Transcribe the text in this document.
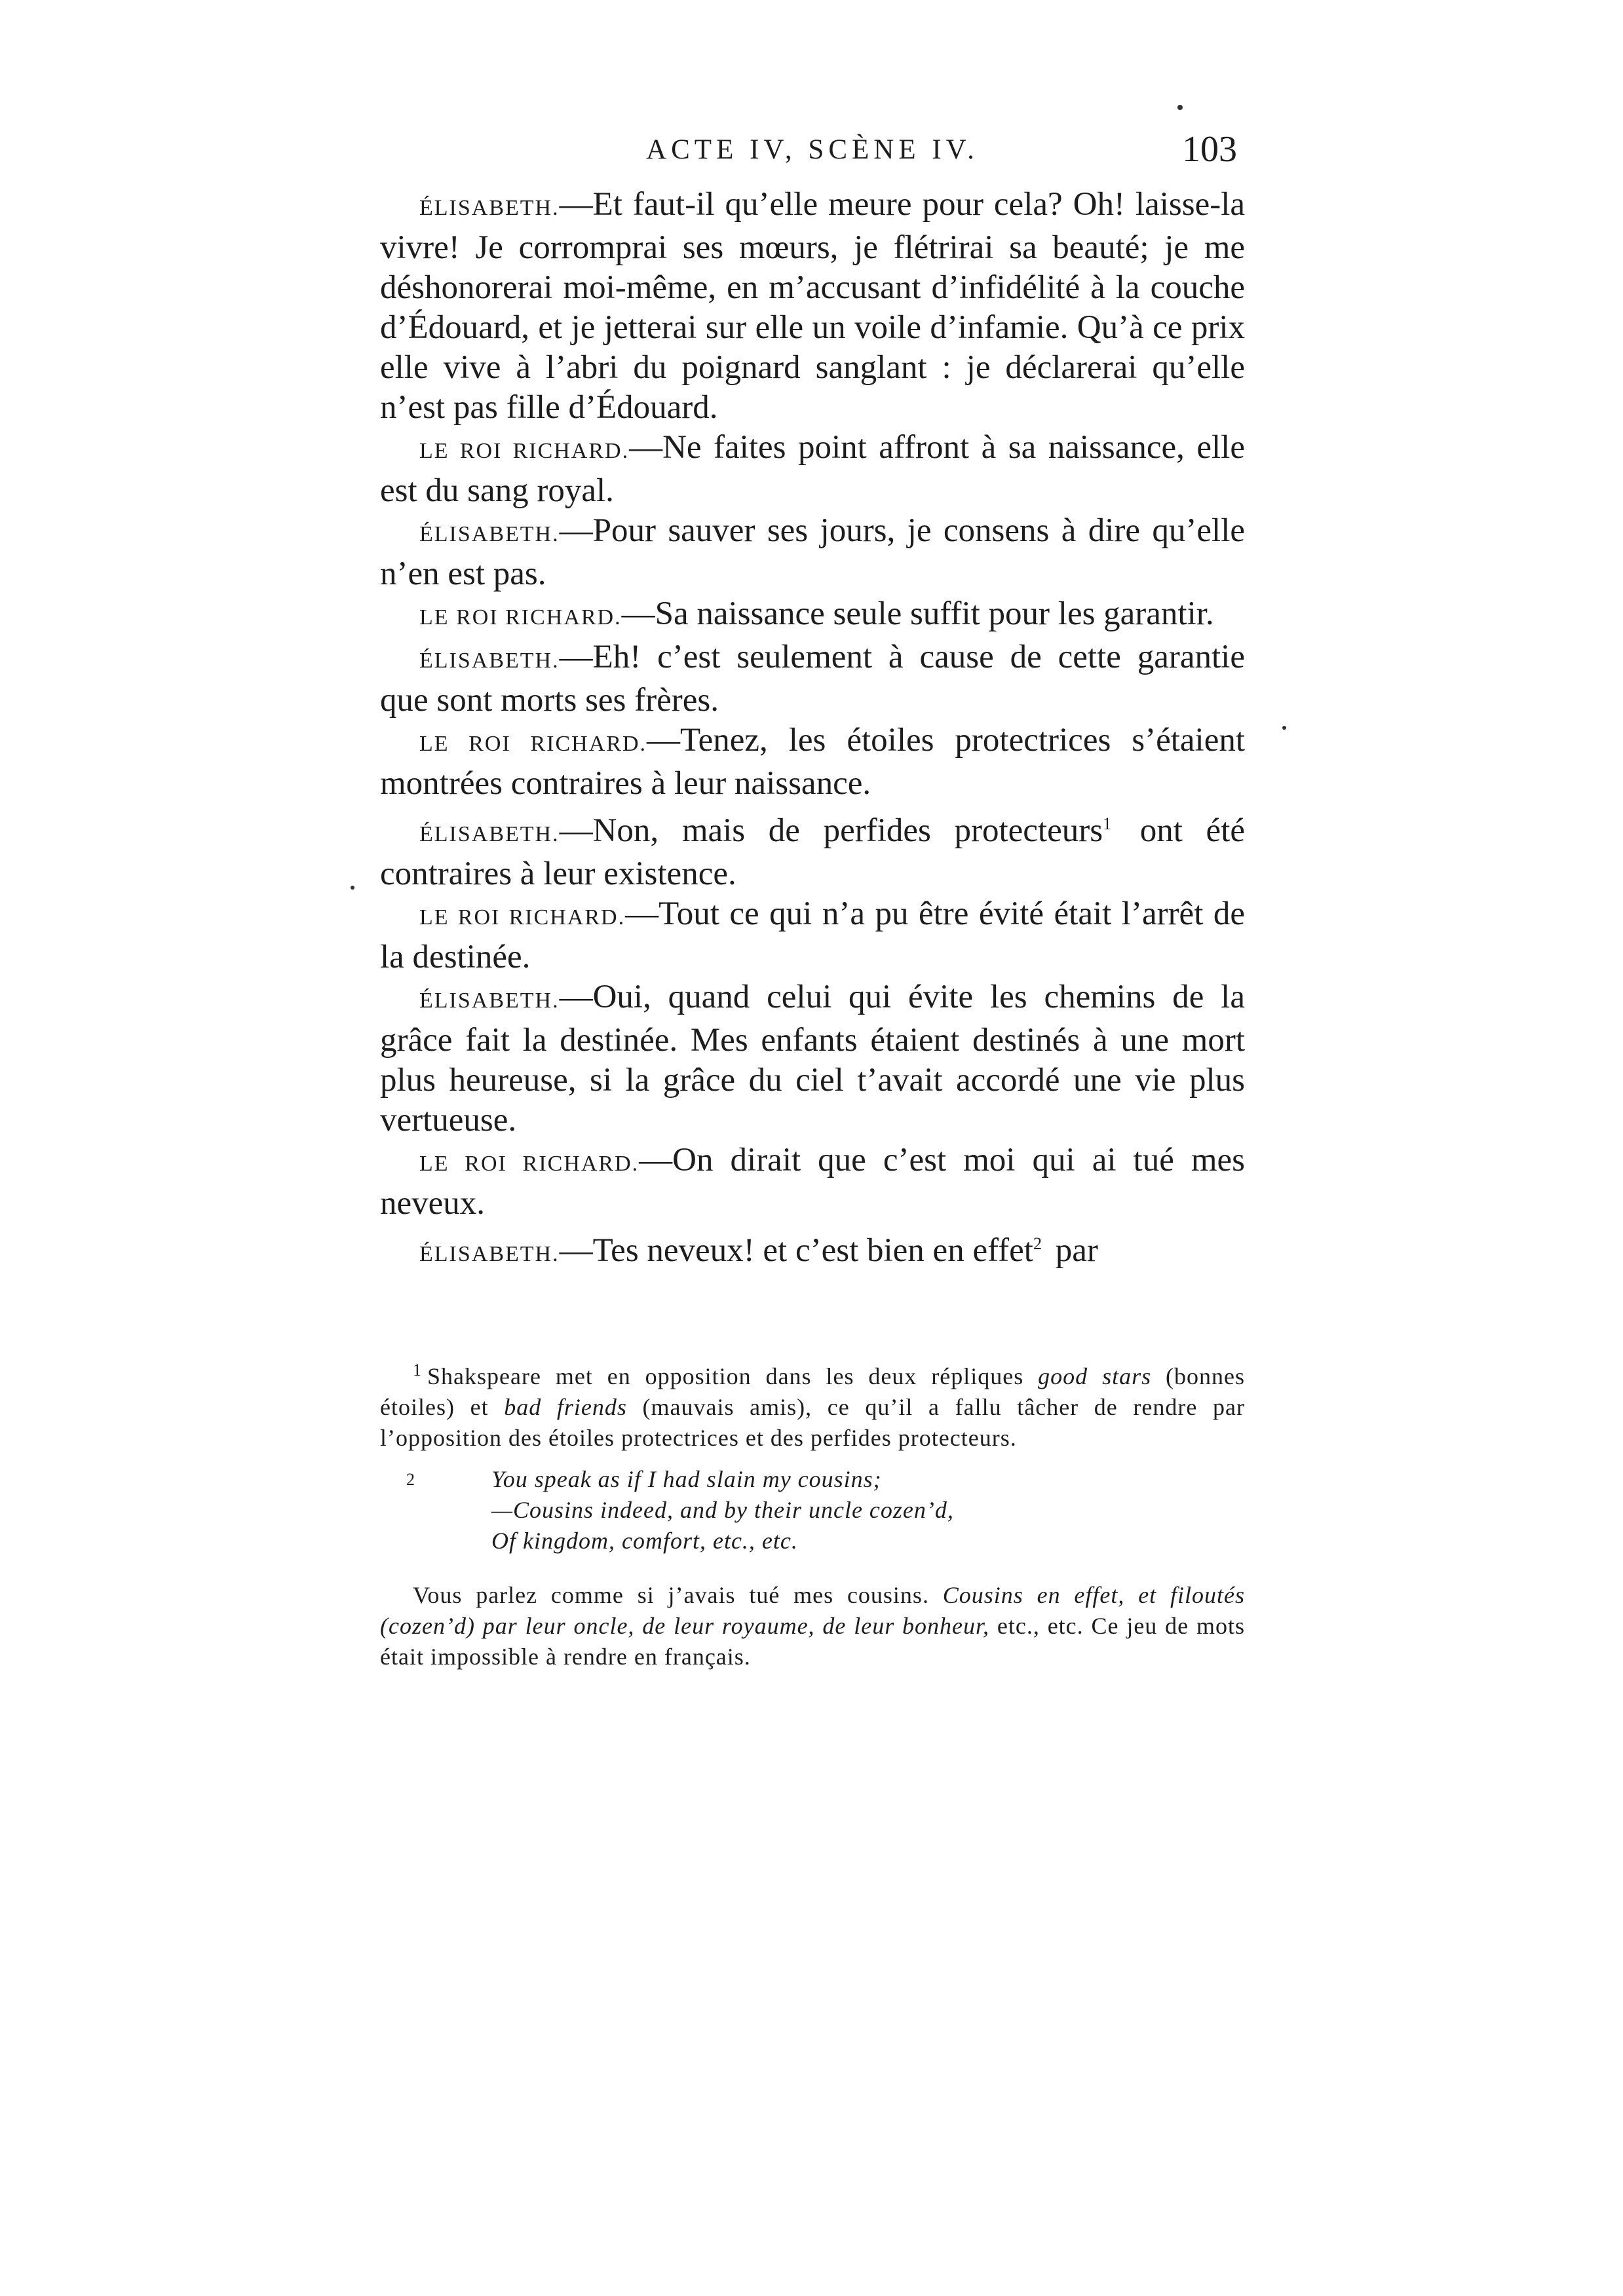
ACTE IV, SCÈNE IV.	103

ÉLISABETH.—Et faut-il qu’elle meure pour cela? Oh! laisse-la vivre! Je corromprai ses mœurs, je flétrirai sa beauté; je me déshonorerai moi-même, en m’accusant d’infidélité à la couche d’Édouard, et je jetterai sur elle un voile d’infamie. Qu’à ce prix elle vive à l’abri du poignard sanglant : je déclarerai qu’elle n’est pas fille d’Édouard.

LE ROI RICHARD.—Ne faites point affront à sa naissance, elle est du sang royal.

ÉLISABETH.—Pour sauver ses jours, je consens à dire qu’elle n’en est pas.

LE ROI RICHARD.—Sa naissance seule suffit pour les garantir.

ÉLISABETH.—Eh! c’est seulement à cause de cette garantie que sont morts ses frères.

LE ROI RICHARD.—Tenez, les étoiles protectrices s’étaient montrées contraires à leur naissance.

ÉLISABETH.—Non, mais de perfides protecteurs$^1$ ont été contraires à leur existence.

LE ROI RICHARD.—Tout ce qui n’a pu être évité était l’arrêt de la destinée.

ÉLISABETH.—Oui, quand celui qui évite les chemins de la grâce fait la destinée. Mes enfants étaient destinés à une mort plus heureuse, si la grâce du ciel t’avait accordé une vie plus vertueuse.

LE ROI RICHARD.—On dirait que c’est moi qui ai tué mes neveux.

ÉLISABETH.—Tes neveux! et c’est bien en effet$^2$ par

$^1$ Shakspeare met en opposition dans les deux répliques good stars (bonnes étoiles) et bad friends (mauvais amis), ce qu’il a fallu tâcher de rendre par l’opposition des étoiles protectrices et des perfides protecteurs.

2	You speak as if I had slain my cousins;
—Cousins indeed, and by their uncle cozen’d,
Of kingdom, comfort, etc., etc.

Vous parlez comme si j’avais tué mes cousins. Cousins en effet, et filoutés (cozen’d) par leur oncle, de leur royaume, de leur bonheur, etc., etc. Ce jeu de mots était impossible à rendre en français.
